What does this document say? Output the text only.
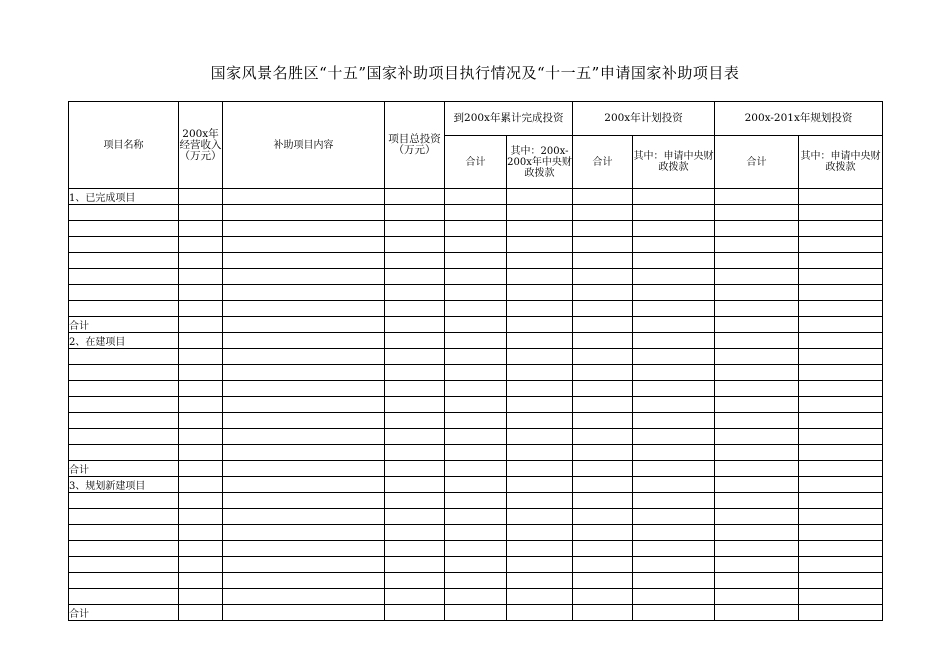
国家风景名胜区“十五”国家补助项目执行情况及“十一五”申请国家补助项目表
项目名称	200x年经营收入（万元）	补助项目内容	项目总投资（万元）	到200x年累计完成投资		200x年计划投资		200x-201x年规划投资	
				合计	其中：200x-200x年中央财政拨款	合计	其中：申请中央财政拨款	合计	其中：申请中央财政拨款
1、已完成项目									

合计									
2、在建项目									

合计									
3、规划新建项目									

合计									
